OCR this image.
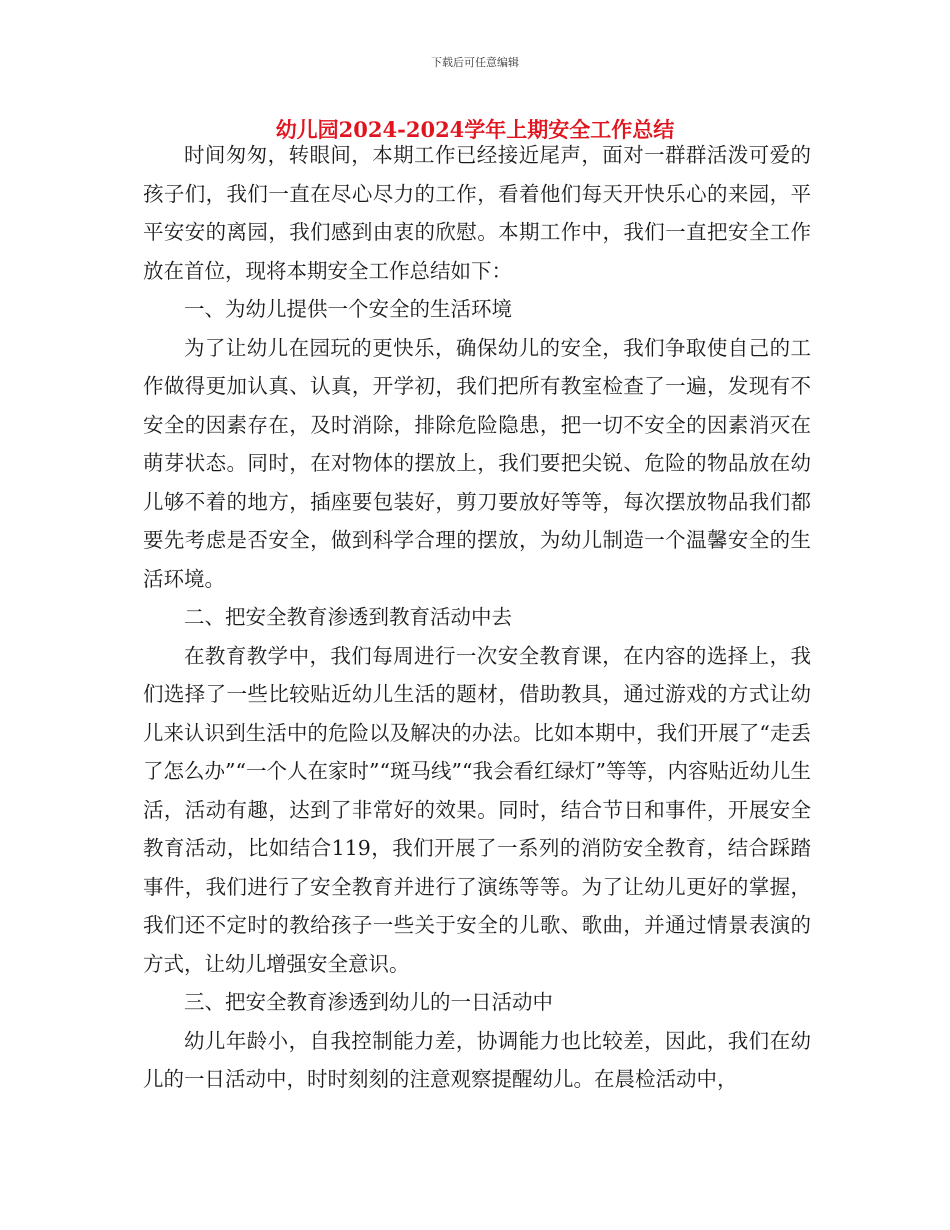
下载后可任意编辑
幼儿园2024-2024学年上期安全工作总结

时间匆匆，转眼间，本期工作已经接近尾声，面对一群群活泼可爱的孩子们，我们一直在尽心尽力的工作，看着他们每天开快乐心的来园，平平安安的离园，我们感到由衷的欣慰。本期工作中，我们一直把安全工作放在首位，现将本期安全工作总结如下：

一、为幼儿提供一个安全的生活环境

为了让幼儿在园玩的更快乐，确保幼儿的安全，我们争取使自己的工作做得更加认真、认真，开学初，我们把所有教室检查了一遍，发现有不安全的因素存在，及时消除，排除危险隐患，把一切不安全的因素消灭在萌芽状态。同时，在对物体的摆放上，我们要把尖锐、危险的物品放在幼儿够不着的地方，插座要包装好，剪刀要放好等等，每次摆放物品我们都要先考虑是否安全，做到科学合理的摆放，为幼儿制造一个温馨安全的生活环境。

二、把安全教育渗透到教育活动中去

在教育教学中，我们每周进行一次安全教育课，在内容的选择上，我们选择了一些比较贴近幼儿生活的题材，借助教具，通过游戏的方式让幼儿来认识到生活中的危险以及解决的办法。比如本期中，我们开展了“走丢了怎么办”“一个人在家时”“斑马线”“我会看红绿灯”等等，内容贴近幼儿生活，活动有趣，达到了非常好的效果。同时，结合节日和事件，开展安全教育活动，比如结合119，我们开展了一系列的消防安全教育，结合踩踏事件，我们进行了安全教育并进行了演练等等。为了让幼儿更好的掌握，我们还不定时的教给孩子一些关于安全的儿歌、歌曲，并通过情景表演的方式，让幼儿增强安全意识。

三、把安全教育渗透到幼儿的一日活动中

幼儿年龄小，自我控制能力差，协调能力也比较差，因此，我们在幼儿的一日活动中，时时刻刻的注意观察提醒幼儿。在晨检活动中，
